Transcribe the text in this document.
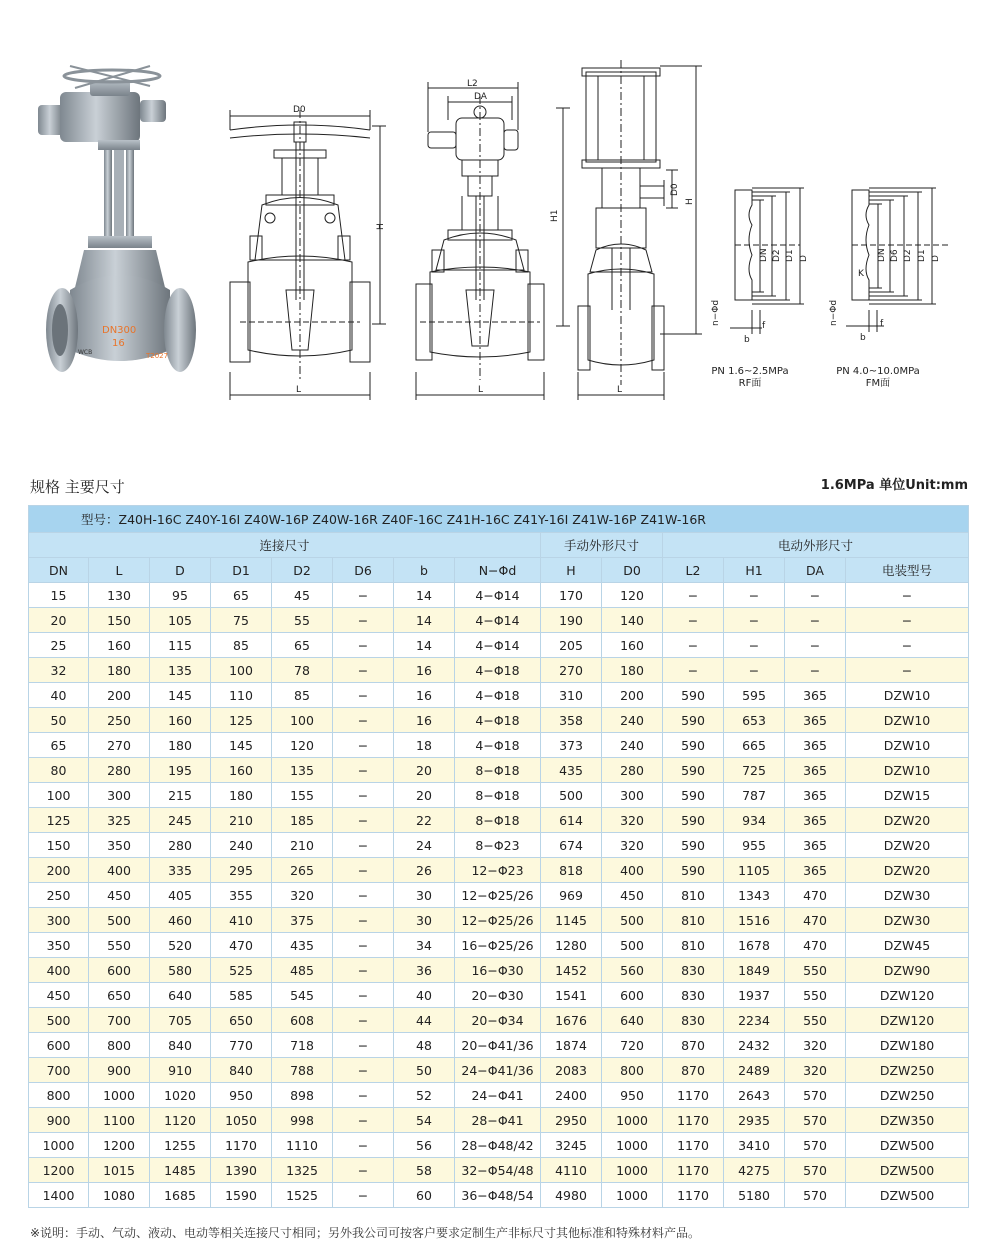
DN300
16
WCB	T2027
D0
H
L
L2
DA
H1
L
D0
H
L
DN D2 D1 D
n−Φd
b
f
DN D6 D2 D1 D
n−Φd
K
b
f
PN 1.6~2.5MPa
RF面
PN 4.0~10.0MPa
FM面
规格 主要尺寸	1.6MPa 单位Unit:mm
型号：Z40H-16C Z40Y-16I Z40W-16P Z40W-16R Z40F-16C Z41H-16C Z41Y-16I Z41W-16P Z41W-16R													
连接尺寸								手动外形尺寸		电动外形尺寸			
DN	L	D	D1	D2	D6	b	N−Φd	H	D0	L2	H1	DA	电装型号
15	130	95	65	45	−	14	4−Φ14	170	120	−	−	−	−
20	150	105	75	55	−	14	4−Φ14	190	140	−	−	−	−
25	160	115	85	65	−	14	4−Φ14	205	160	−	−	−	−
32	180	135	100	78	−	16	4−Φ18	270	180	−	−	−	−
40	200	145	110	85	−	16	4−Φ18	310	200	590	595	365	DZW10
50	250	160	125	100	−	16	4−Φ18	358	240	590	653	365	DZW10
65	270	180	145	120	−	18	4−Φ18	373	240	590	665	365	DZW10
80	280	195	160	135	−	20	8−Φ18	435	280	590	725	365	DZW10
100	300	215	180	155	−	20	8−Φ18	500	300	590	787	365	DZW15
125	325	245	210	185	−	22	8−Φ18	614	320	590	934	365	DZW20
150	350	280	240	210	−	24	8−Φ23	674	320	590	955	365	DZW20
200	400	335	295	265	−	26	12−Φ23	818	400	590	1105	365	DZW20
250	450	405	355	320	−	30	12−Φ25/26	969	450	810	1343	470	DZW30
300	500	460	410	375	−	30	12−Φ25/26	1145	500	810	1516	470	DZW30
350	550	520	470	435	−	34	16−Φ25/26	1280	500	810	1678	470	DZW45
400	600	580	525	485	−	36	16−Φ30	1452	560	830	1849	550	DZW90
450	650	640	585	545	−	40	20−Φ30	1541	600	830	1937	550	DZW120
500	700	705	650	608	−	44	20−Φ34	1676	640	830	2234	550	DZW120
600	800	840	770	718	−	48	20−Φ41/36	1874	720	870	2432	320	DZW180
700	900	910	840	788	−	50	24−Φ41/36	2083	800	870	2489	320	DZW250
800	1000	1020	950	898	−	52	24−Φ41	2400	950	1170	2643	570	DZW250
900	1100	1120	1050	998	−	54	28−Φ41	2950	1000	1170	2935	570	DZW350
1000	1200	1255	1170	1110	−	56	28−Φ48/42	3245	1000	1170	3410	570	DZW500
1200	1015	1485	1390	1325	−	58	32−Φ54/48	4110	1000	1170	4275	570	DZW500
1400	1080	1685	1590	1525	−	60	36−Φ48/54	4980	1000	1170	5180	570	DZW500
※说明：手动、气动、液动、电动等相关连接尺寸相同；另外我公司可按客户要求定制生产非标尺寸其他标准和特殊材料产品。
